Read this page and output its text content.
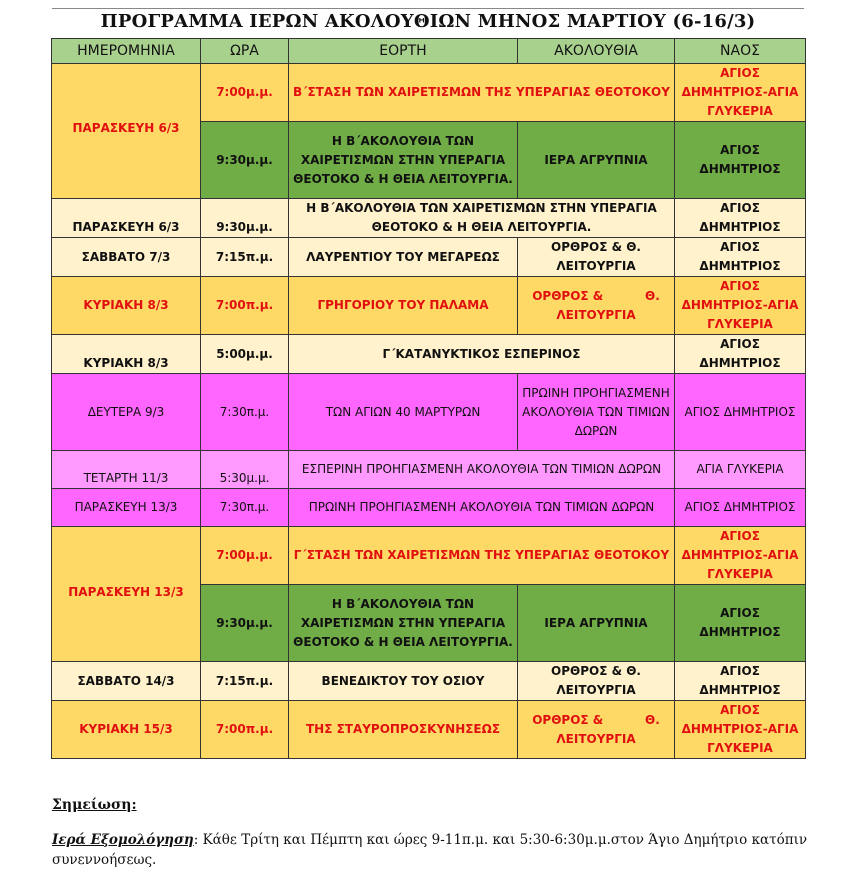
ΠΡΟΓΡΑΜΜΑ ΙΕΡΩΝ ΑΚΟΛΟΥΘΙΩΝ ΜΗΝΟΣ ΜΑΡΤΙΟΥ (6-16/3)
ΗΜΕΡΟΜΗΝΙΑ	ΩΡΑ	ΕΟΡΤΗ	ΑΚΟΛΟΥΘΙΑ	ΝΑΟΣ
ΠΑΡΑΣΚΕΥΗ 6/3	7:00μ.μ.	Β΄ΣΤΑΣΗ ΤΩΝ ΧΑΙΡΕΤΙΣΜΩΝ ΤΗΣ ΥΠΕΡΑΓΙΑΣ ΘΕΟΤΟΚΟΥ		ΑΓΙΟΣ ΔΗΜΗΤΡΙΟΣ-ΑΓΙΑ ΓΛΥΚΕΡΙΑ
	9:30μ.μ.	Η Β΄ΑΚΟΛΟΥΘΙΑ ΤΩΝ ΧΑΙΡΕΤΙΣΜΩΝ ΣΤΗΝ ΥΠΕΡΑΓΙΑ ΘΕΟΤΟΚΟ & Η ΘΕΙΑ ΛΕΙΤΟΥΡΓΙΑ.	ΙΕΡΑ ΑΓΡΥΠΝΙΑ	ΑΓΙΟΣ ΔΗΜΗΤΡΙΟΣ
ΠΑΡΑΣΚΕΥΗ 6/3	9:30μ.μ.	Η Β΄ΑΚΟΛΟΥΘΙΑ ΤΩΝ ΧΑΙΡΕΤΙΣΜΩΝ ΣΤΗΝ ΥΠΕΡΑΓΙΑ ΘΕΟΤΟΚΟ & Η ΘΕΙΑ ΛΕΙΤΟΥΡΓΙΑ.		ΑΓΙΟΣ ΔΗΜΗΤΡΙΟΣ
ΣΑΒΒΑΤΟ 7/3	7:15π.μ.	ΛΑΥΡΕΝΤΙΟΥ ΤΟΥ ΜΕΓΑΡΕΩΣ	ΟΡΘΡΟΣ & Θ. ΛΕΙΤΟΥΡΓΙΑ	ΑΓΙΟΣ ΔΗΜΗΤΡΙΟΣ
ΚΥΡΙΑΚΗ 8/3	7:00π.μ.	ΓΡΗΓΟΡΙΟΥ ΤΟΥ ΠΑΛΑΜΑ	ΟΡΘΡΟΣ &          Θ. ΛΕΙΤΟΥΡΓΙΑ	ΑΓΙΟΣ ΔΗΜΗΤΡΙΟΣ-ΑΓΙΑ ΓΛΥΚΕΡΙΑ
ΚΥΡΙΑΚΗ 8/3	5:00μ.μ.	Γ΄ΚΑΤΑΝΥΚΤΙΚΟΣ ΕΣΠΕΡΙΝΟΣ		ΑΓΙΟΣ ΔΗΜΗΤΡΙΟΣ
ΔΕΥΤΕΡΑ 9/3	7:30π.μ.	ΤΩΝ ΑΓΙΩΝ 40 ΜΑΡΤΥΡΩΝ	ΠΡΩΙΝΗ ΠΡΟΗΓΙΑΣΜΕΝΗ ΑΚΟΛΟΥΘΙΑ ΤΩΝ ΤΙΜΙΩΝ ΔΩΡΩΝ	ΑΓΙΟΣ ΔΗΜΗΤΡΙΟΣ
ΤΕΤΑΡΤΗ 11/3	5:30μ.μ.	ΕΣΠΕΡΙΝΗ ΠΡΟΗΓΙΑΣΜΕΝΗ ΑΚΟΛΟΥΘΙΑ ΤΩΝ ΤΙΜΙΩΝ ΔΩΡΩΝ		ΑΓΙΑ ΓΛΥΚΕΡΙΑ
ΠΑΡΑΣΚΕΥΗ 13/3	7:30π.μ.	ΠΡΩΙΝΗ ΠΡΟΗΓΙΑΣΜΕΝΗ ΑΚΟΛΟΥΘΙΑ ΤΩΝ ΤΙΜΙΩΝ ΔΩΡΩΝ		ΑΓΙΟΣ ΔΗΜΗΤΡΙΟΣ
ΠΑΡΑΣΚΕΥΗ 13/3	7:00μ.μ.	Γ΄ΣΤΑΣΗ ΤΩΝ ΧΑΙΡΕΤΙΣΜΩΝ ΤΗΣ ΥΠΕΡΑΓΙΑΣ ΘΕΟΤΟΚΟΥ		ΑΓΙΟΣ ΔΗΜΗΤΡΙΟΣ-ΑΓΙΑ ΓΛΥΚΕΡΙΑ
	9:30μ.μ.	Η Β΄ΑΚΟΛΟΥΘΙΑ ΤΩΝ ΧΑΙΡΕΤΙΣΜΩΝ ΣΤΗΝ ΥΠΕΡΑΓΙΑ ΘΕΟΤΟΚΟ & Η ΘΕΙΑ ΛΕΙΤΟΥΡΓΙΑ.	ΙΕΡΑ ΑΓΡΥΠΝΙΑ	ΑΓΙΟΣ ΔΗΜΗΤΡΙΟΣ
ΣΑΒΒΑΤΟ 14/3	7:15π.μ.	ΒΕΝΕΔΙΚΤΟΥ ΤΟΥ ΟΣΙΟΥ	ΟΡΘΡΟΣ & Θ. ΛΕΙΤΟΥΡΓΙΑ	ΑΓΙΟΣ ΔΗΜΗΤΡΙΟΣ
ΚΥΡΙΑΚΗ 15/3	7:00π.μ.	ΤΗΣ ΣΤΑΥΡΟΠΡΟΣΚΥΝΗΣΕΩΣ	ΟΡΘΡΟΣ &          Θ. ΛΕΙΤΟΥΡΓΙΑ	ΑΓΙΟΣ ΔΗΜΗΤΡΙΟΣ-ΑΓΙΑ ΓΛΥΚΕΡΙΑ
Σημείωση:
Ιερά Εξομολόγηση: Κάθε Τρίτη και Πέμπτη και ώρες 9-11π.μ. και 5:30-6:30μ.μ.στον Άγιο Δημήτριο κατόπιν συνεννοήσεως.
